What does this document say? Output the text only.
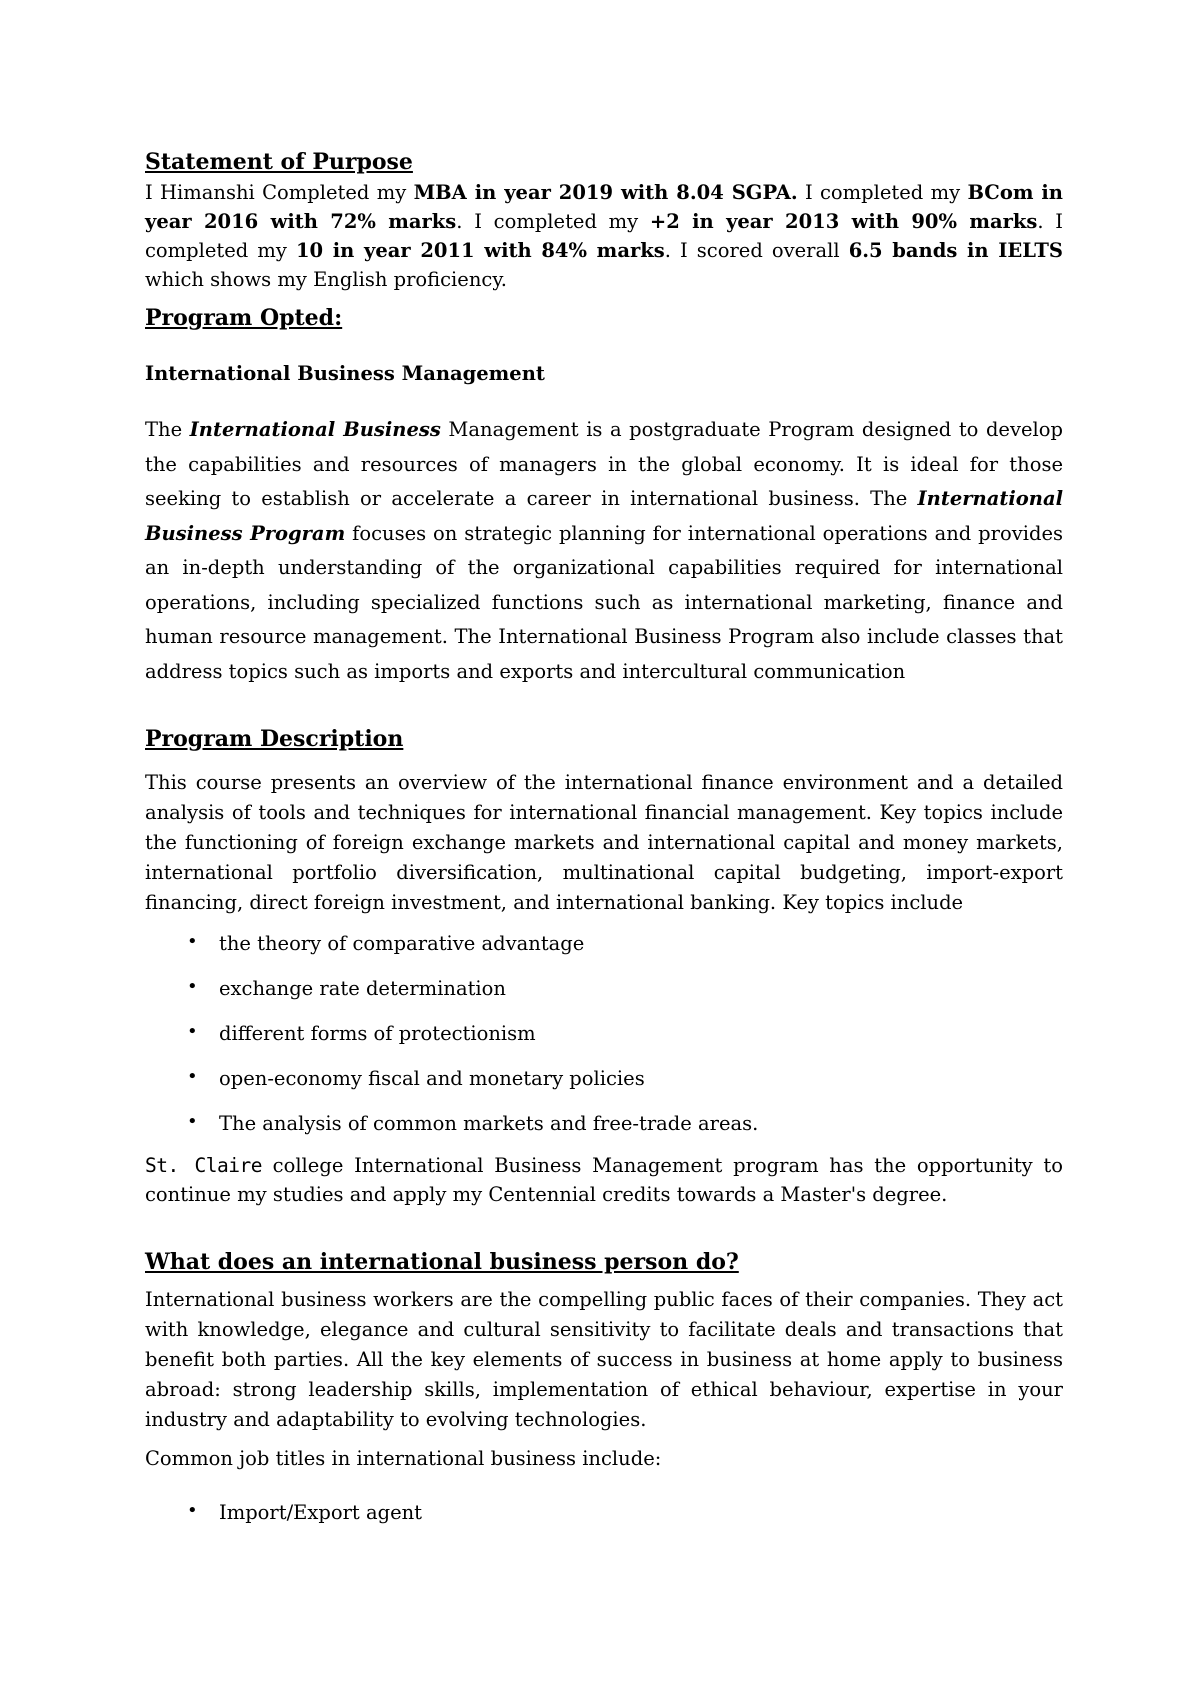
Statement of Purpose

I Himanshi Completed my MBA in year 2019 with 8.04 SGPA. I completed my BCom in year 2016 with 72% marks. I completed my +2 in year 2013 with 90% marks. I completed my 10 in year 2011 with 84% marks. I scored overall 6.5 bands in IELTS which shows my English proficiency.

Program Opted:

International Business Management

The International Business Management is a postgraduate Program designed to develop the capabilities and resources of managers in the global economy. It is ideal for those seeking to establish or accelerate a career in international business. The International Business Program focuses on strategic planning for international operations and provides an in-depth understanding of the organizational capabilities required for international operations, including specialized functions such as international marketing, finance and human resource management. The International Business Program also include classes that address topics such as imports and exports and intercultural communication

Program Description

This course presents an overview of the international finance environment and a detailed analysis of tools and techniques for international financial management. Key topics include the functioning of foreign exchange markets and international capital and money markets, international portfolio diversification, multinational capital budgeting, import-export financing, direct foreign investment, and international banking. Key topics include

• the theory of comparative advantage
• exchange rate determination
• different forms of protectionism
• open-economy fiscal and monetary policies
• The analysis of common markets and free-trade areas.

St. Claire college International Business Management program has the opportunity to continue my studies and apply my Centennial credits towards a Master's degree.

What does an international business person do?

International business workers are the compelling public faces of their companies. They act with knowledge, elegance and cultural sensitivity to facilitate deals and transactions that benefit both parties. All the key elements of success in business at home apply to business abroad: strong leadership skills, implementation of ethical behaviour, expertise in your industry and adaptability to evolving technologies.

Common job titles in international business include:

• Import/Export agent
